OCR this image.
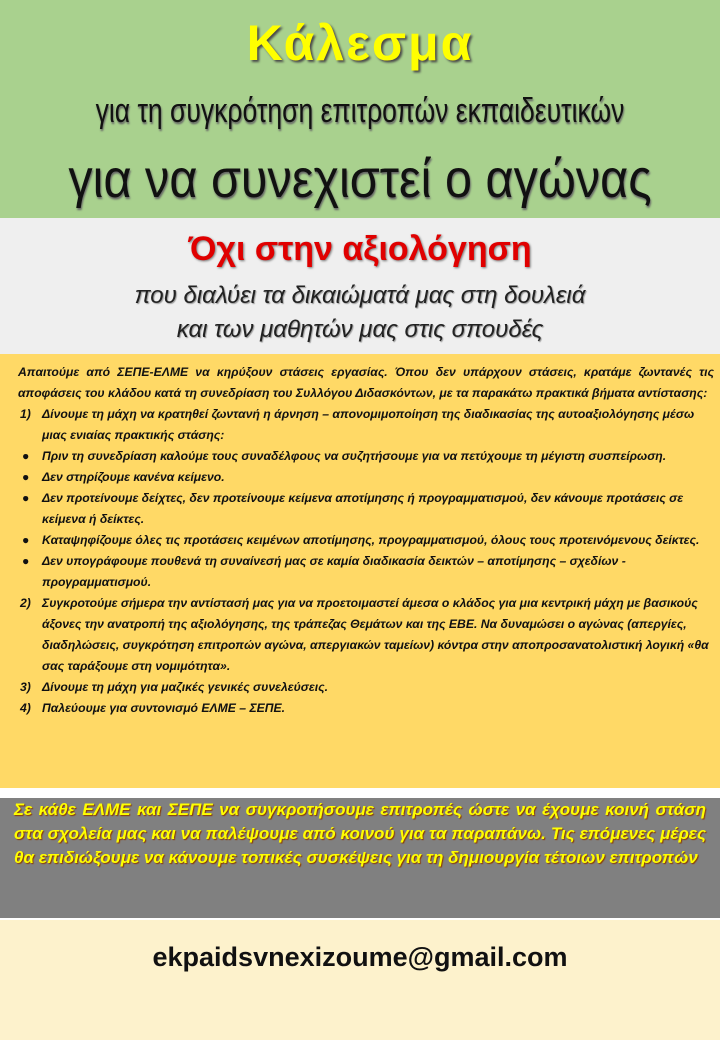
Κάλεσμα
για τη συγκρότηση επιτροπών εκπαιδευτικών
για να συνεχιστεί ο αγώνας
Όχι στην αξιολόγηση
που διαλύει τα δικαιώματά μας στη δουλειά
και των μαθητών μας στις σπουδές

Απαιτούμε από ΣΕΠΕ-ΕΛΜΕ να κηρύξουν στάσεις εργασίας. Όπου δεν υπάρχουν στάσεις, κρατάμε ζωντανές τις αποφάσεις του κλάδου κατά τη συνεδρίαση του Συλλόγου Διδασκόντων, με τα παρακάτω πρακτικά βήματα αντίστασης:

1) Δίνουμε τη μάχη να κρατηθεί ζωντανή η άρνηση – απονομιμοποίηση της διαδικασίας της αυτοαξιολόγησης μέσω μιας ενιαίας πρακτικής στάσης:
● Πριν τη συνεδρίαση καλούμε τους συναδέλφους να συζητήσουμε για να πετύχουμε τη μέγιστη συσπείρωση.
● Δεν στηρίζουμε κανένα κείμενο.
● Δεν προτείνουμε δείχτες, δεν προτείνουμε κείμενα αποτίμησης ή προγραμματισμού, δεν κάνουμε προτάσεις σε κείμενα ή δείκτες.
● Καταψηφίζουμε όλες τις προτάσεις κειμένων αποτίμησης, προγραμματισμού, όλους τους προτεινόμενους δείκτες.
● Δεν υπογράφουμε πουθενά τη συναίνεσή μας σε καμία διαδικασία δεικτών – αποτίμησης – σχεδίων - προγραμματισμού.
2) Συγκροτούμε σήμερα την αντίστασή μας για να προετοιμαστεί άμεσα ο κλάδος για μια κεντρική μάχη με βασικούς άξονες την ανατροπή της αξιολόγησης, της τράπεζας Θεμάτων και της ΕΒΕ. Να δυναμώσει ο αγώνας (απεργίες, διαδηλώσεις, συγκρότηση επιτροπών αγώνα, απεργιακών ταμείων) κόντρα στην αποπροσανατολιστική λογική «θα σας ταράξουμε στη νομιμότητα».
3) Δίνουμε τη μάχη για μαζικές γενικές συνελεύσεις.
4) Παλεύουμε για συντονισμό ΕΛΜΕ – ΣΕΠΕ.

Σε κάθε ΕΛΜΕ και ΣΕΠΕ να συγκροτήσουμε επιτροπές ώστε να έχουμε κοινή στάση στα σχολεία μας και να παλέψουμε από κοινού για τα παραπάνω. Τις επόμενες μέρες θα επιδιώξουμε να κάνουμε τοπικές συσκέψεις για τη δημιουργία τέτοιων επιτροπών

ekpaidsvnexizoume@gmail.com
